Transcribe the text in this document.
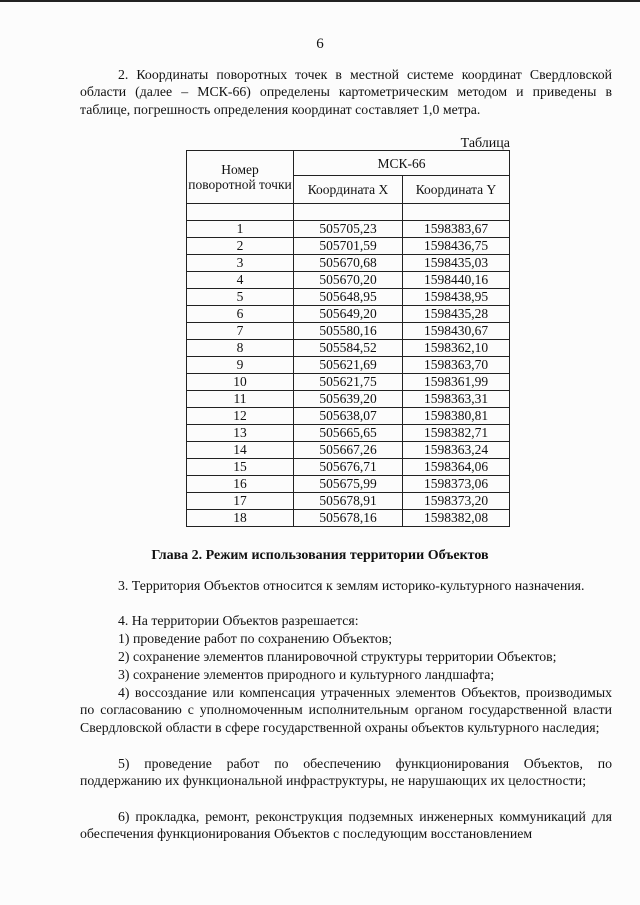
6
2. Координаты поворотных точек в местной системе координат Свердловской области (далее – МСК-66) определены картометрическим методом и приведены в таблице, погрешность определения координат составляет 1,0 метра.
Таблица
Номер поворотной точки	МСК-66	
	Координата X	Координата Y

1	505705,23	1598383,67
2	505701,59	1598436,75
3	505670,68	1598435,03
4	505670,20	1598440,16
5	505648,95	1598438,95
6	505649,20	1598435,28
7	505580,16	1598430,67
8	505584,52	1598362,10
9	505621,69	1598363,70
10	505621,75	1598361,99
11	505639,20	1598363,31
12	505638,07	1598380,81
13	505665,65	1598382,71
14	505667,26	1598363,24
15	505676,71	1598364,06
16	505675,99	1598373,06
17	505678,91	1598373,20
18	505678,16	1598382,08
Глава 2. Режим использования территории Объектов
3. Территория Объектов относится к землям историко-культурного назначения.
4. На территории Объектов разрешается:
1) проведение работ по сохранению Объектов;
2) сохранение элементов планировочной структуры территории Объектов;
3) сохранение элементов природного и культурного ландшафта;
4) воссоздание или компенсация утраченных элементов Объектов, производимых по согласованию с уполномоченным исполнительным органом государственной власти Свердловской области в сфере государственной охраны объектов культурного наследия;
5) проведение работ по обеспечению функционирования Объектов, по поддержанию их функциональной инфраструктуры, не нарушающих их целостности;
6) прокладка, ремонт, реконструкция подземных инженерных коммуникаций для обеспечения функционирования Объектов с последующим восстановлением
